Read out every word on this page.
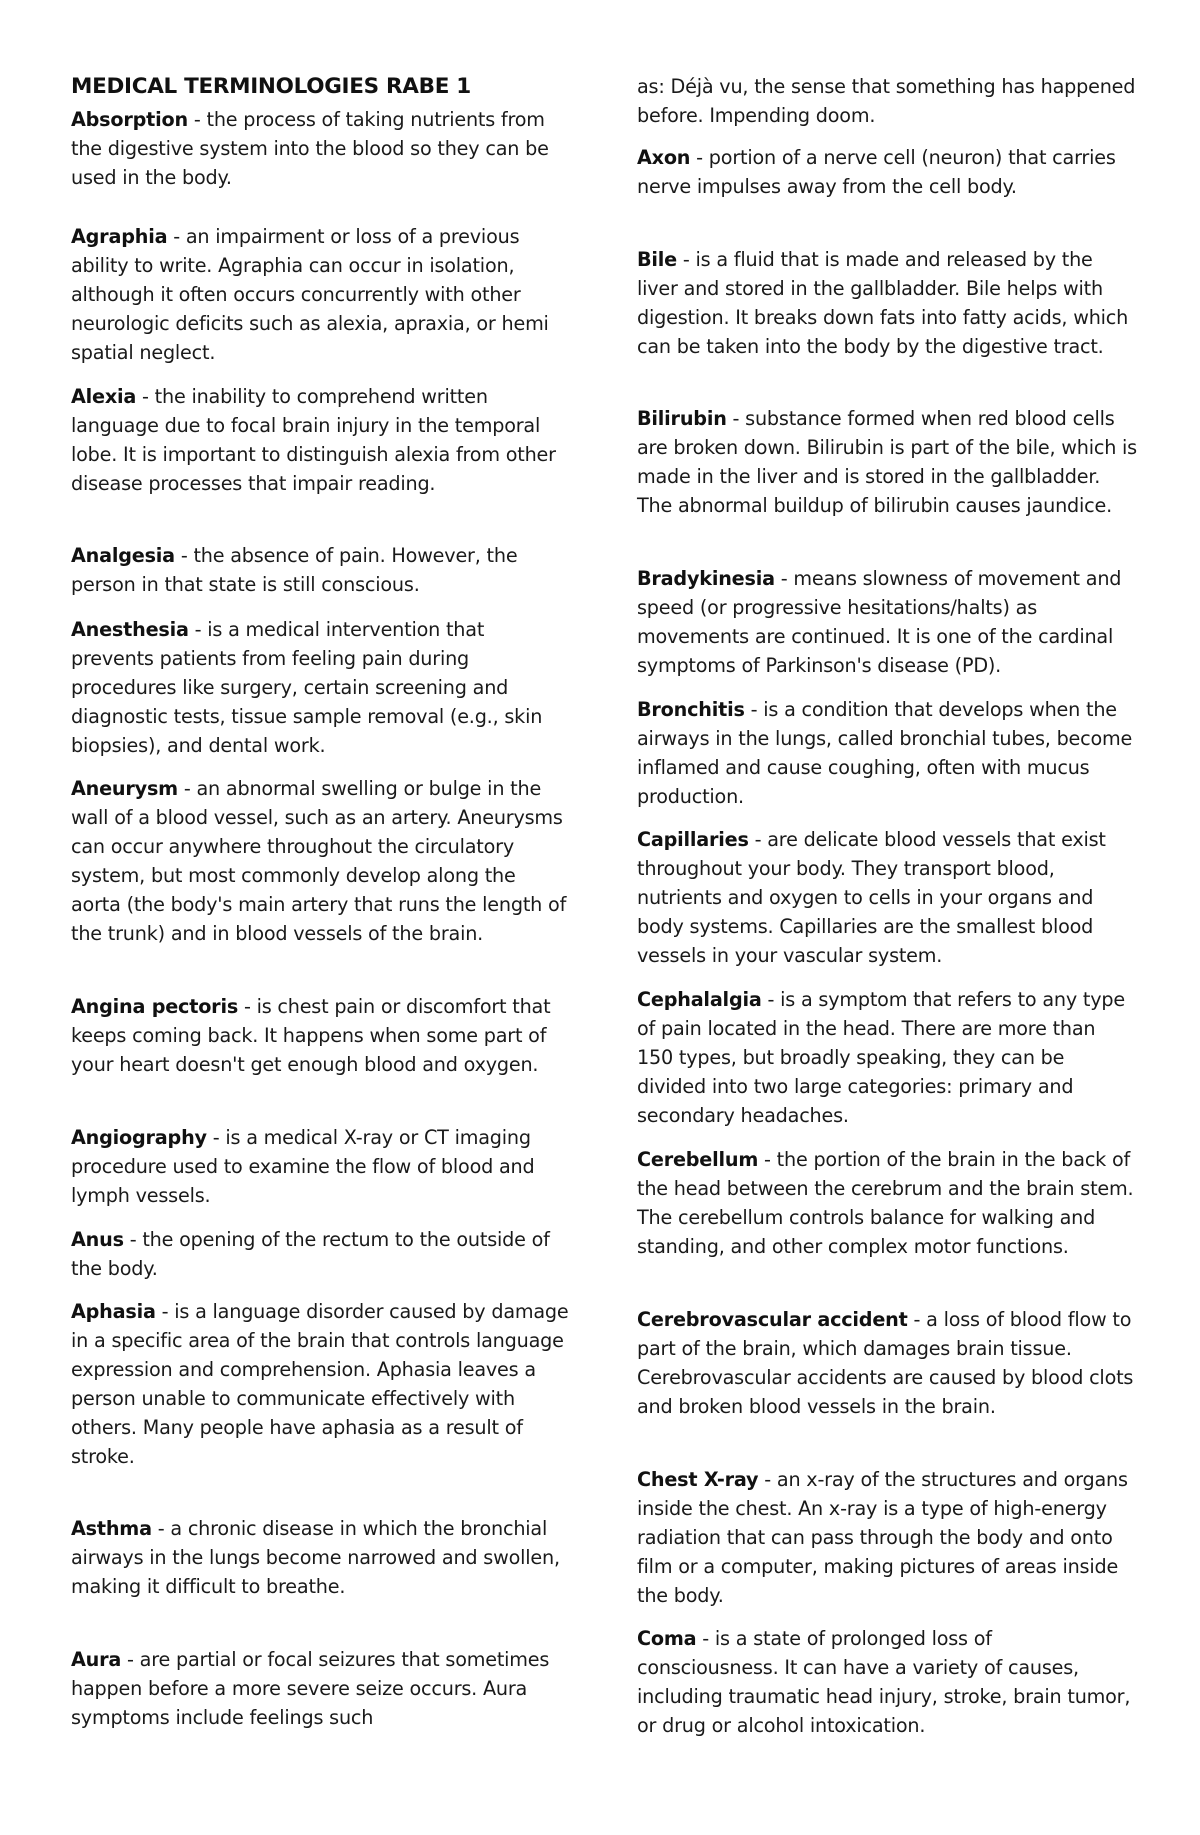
MEDICAL TERMINOLOGIES RABE 1

Absorption - the process of taking nutrients from the digestive system into the blood so they can be used in the body.

Agraphia - an impairment or loss of a previous ability to write. Agraphia can occur in isolation, although it often occurs concurrently with other neurologic deficits such as alexia, apraxia, or hemi spatial neglect.

Alexia - the inability to comprehend written language due to focal brain injury in the temporal lobe. It is important to distinguish alexia from other disease processes that impair reading.

Analgesia - the absence of pain. However, the person in that state is still conscious.

Anesthesia - is a medical intervention that prevents patients from feeling pain during procedures like surgery, certain screening and diagnostic tests, tissue sample removal (e.g., skin biopsies), and dental work.

Aneurysm - an abnormal swelling or bulge in the wall of a blood vessel, such as an artery. Aneurysms can occur anywhere throughout the circulatory system, but most commonly develop along the aorta (the body's main artery that runs the length of the trunk) and in blood vessels of the brain.

Angina pectoris - is chest pain or discomfort that keeps coming back. It happens when some part of your heart doesn't get enough blood and oxygen.

Angiography - is a medical X-ray or CT imaging procedure used to examine the flow of blood and lymph vessels.

Anus - the opening of the rectum to the outside of the body.

Aphasia - is a language disorder caused by damage in a specific area of the brain that controls language expression and comprehension. Aphasia leaves a person unable to communicate effectively with others. Many people have aphasia as a result of stroke.

Asthma - a chronic disease in which the bronchial airways in the lungs become narrowed and swollen, making it difficult to breathe.

Aura - are partial or focal seizures that sometimes happen before a more severe seize occurs. Aura symptoms include feelings such

as: Déjà vu, the sense that something has happened before. Impending doom.

Axon - portion of a nerve cell (neuron) that carries nerve impulses away from the cell body.

Bile - is a fluid that is made and released by the liver and stored in the gallbladder. Bile helps with digestion. It breaks down fats into fatty acids, which can be taken into the body by the digestive tract.

Bilirubin - substance formed when red blood cells are broken down. Bilirubin is part of the bile, which is made in the liver and is stored in the gallbladder. The abnormal buildup of bilirubin causes jaundice.

Bradykinesia - means slowness of movement and speed (or progressive hesitations/halts) as movements are continued. It is one of the cardinal symptoms of Parkinson's disease (PD).

Bronchitis - is a condition that develops when the airways in the lungs, called bronchial tubes, become inflamed and cause coughing, often with mucus production.

Capillaries - are delicate blood vessels that exist throughout your body. They transport blood, nutrients and oxygen to cells in your organs and body systems. Capillaries are the smallest blood vessels in your vascular system.

Cephalalgia - is a symptom that refers to any type of pain located in the head. There are more than 150 types, but broadly speaking, they can be divided into two large categories: primary and secondary headaches.

Cerebellum - the portion of the brain in the back of the head between the cerebrum and the brain stem. The cerebellum controls balance for walking and standing, and other complex motor functions.

Cerebrovascular accident - a loss of blood flow to part of the brain, which damages brain tissue. Cerebrovascular accidents are caused by blood clots and broken blood vessels in the brain.

Chest X-ray - an x-ray of the structures and organs inside the chest. An x-ray is a type of high-energy radiation that can pass through the body and onto film or a computer, making pictures of areas inside the body.

Coma - is a state of prolonged loss of consciousness. It can have a variety of causes, including traumatic head injury, stroke, brain tumor, or drug or alcohol intoxication.
